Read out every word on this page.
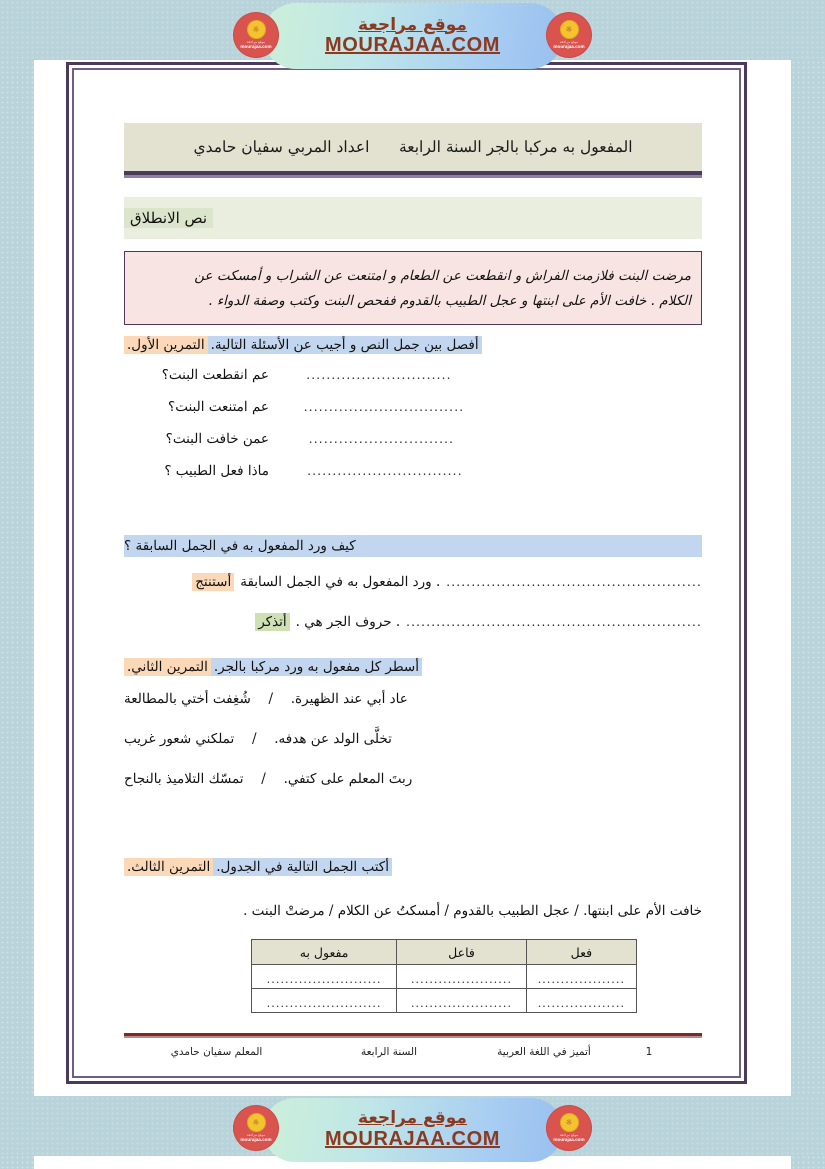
☼
موقع مراجعة
mourajaa.com
موقع مراجعة
MOURAJAA.COM
☼
موقع مراجعة
mourajaa.com
المفعول به مركبا بالجر السنة الرابعة      اعداد المربي سفيان حامدي
نص الانطلاق
مرضت البنت فلازمت الفراش و انقطعت عن الطعام و امتنعت عن الشراب و أمسكت عن
الكلام . خافت الأم على ابنتها و عجل الطبيب بالقدوم ففحص البنت وكتب وصفة الدواء .
أفصل بين جمل النص و أجيب عن الأسئلة التالية.
التمرين الأول.
عم انقطعت البنت؟	.............................
عم امتنعت البنت؟	................................
عمن خافت البنت؟	.............................
ماذا فعل الطبيب ؟	...............................
كيف ورد المفعول به في الجمل السابقة ؟
أستنتج . ورد المفعول به في الجمل السابقة ...................................................
أتذكر . حروف الجر هي . ...........................................................
أسطر كل مفعول به ورد مركبا بالجر.
التمرين الثاني.
عاد أبي عند الظهيرة.
/
شُغِفت أختي بالمطالعة
تخلَّى الولد عن هدفه.
/
تملكني شعور غريب
ربتَ المعلم على كتفي.
/
تمسّك التلاميذ بالنجاح
أكتب الجمل التالية في الجدول.
التمرين الثالث.
خافت الأم على ابنتها. / عجل الطبيب بالقدوم / أمسكتُ عن الكلام / مرضتْ البنت .
فعل	فاعل	مفعول به
...................	......................	.........................
...................	......................	.........................
المعلم سفيان حامدي	السنة الرابعة	أتميز في اللغة العربية	1
☼
موقع مراجعة
mourajaa.com
موقع مراجعة
MOURAJAA.COM
☼
موقع مراجعة
mourajaa.com
